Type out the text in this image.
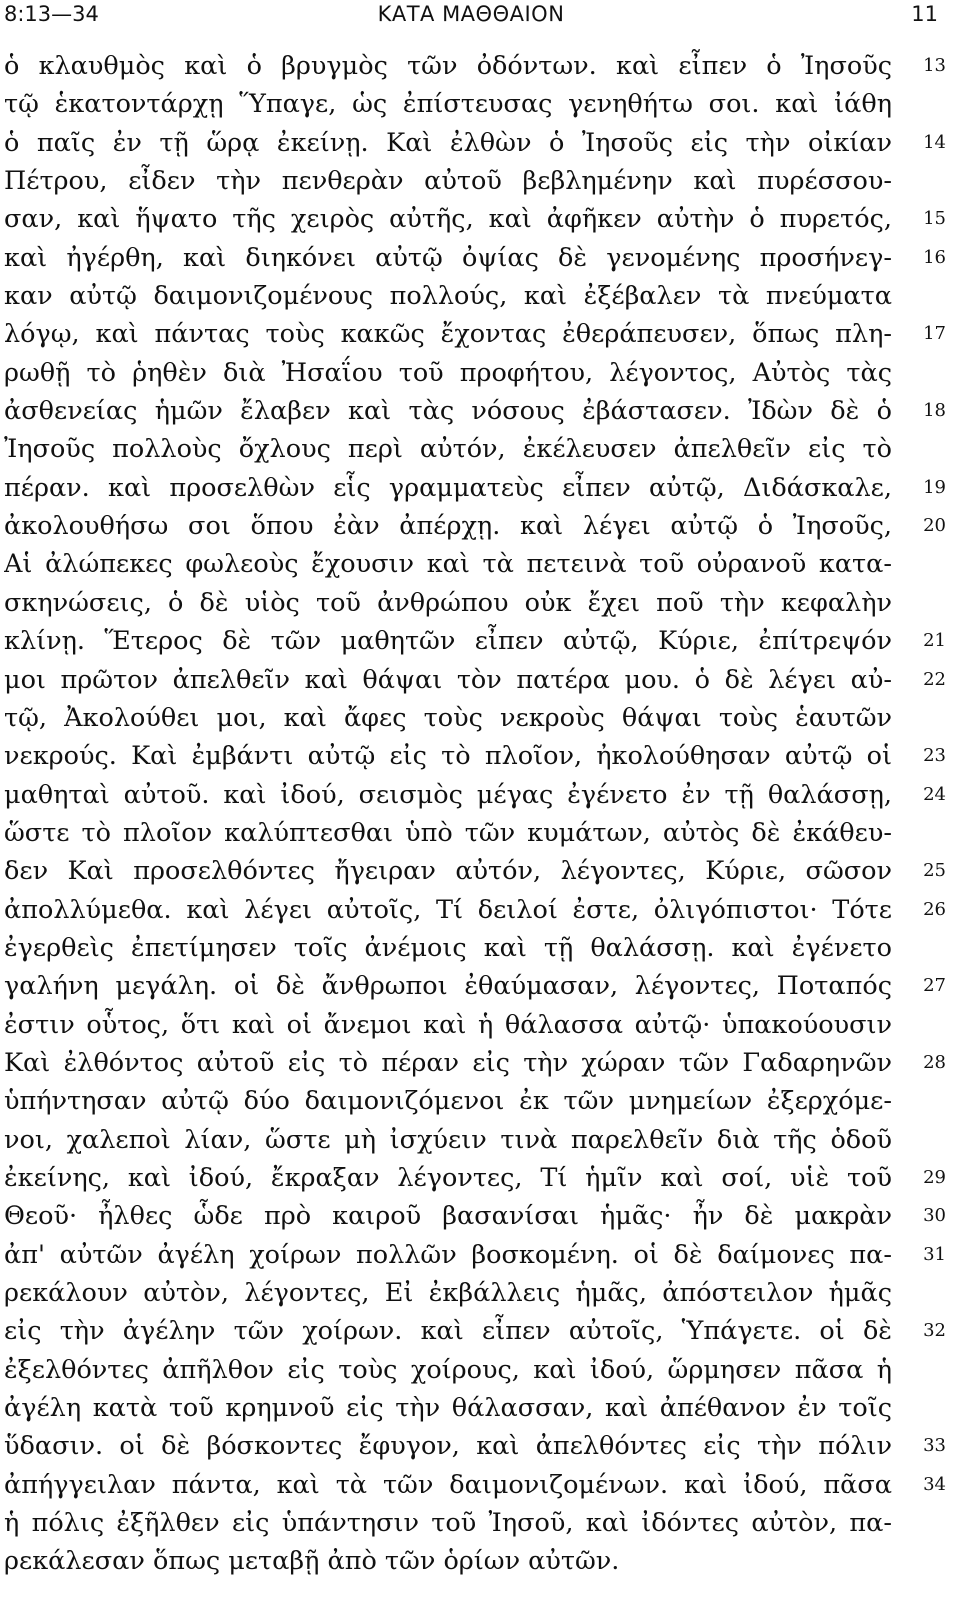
8:13—34	ΚΑΤΑ ΜΑΘΘΑΙΟΝ	11
ὁ κλαυθμὸς καὶ ὁ βρυγμὸς τῶν ὀδόντων. καὶ εἶπεν ὁ Ἰησοῦς	13
τῷ ἑκατοντάρχῃ Ὕπαγε, ὡς ἐπίστευσας γενηθήτω σοι. καὶ ἰάθη
ὁ παῖς ἐν τῇ ὥρᾳ ἐκείνῃ. Καὶ ἐλθὼν ὁ Ἰησοῦς εἰς τὴν οἰκίαν	14
Πέτρου, εἶδεν τὴν πενθερὰν αὐτοῦ βεβλημένην καὶ πυρέσσου-
σαν, καὶ ἥψατο τῆς χειρὸς αὐτῆς, καὶ ἀφῆκεν αὐτὴν ὁ πυρετός,	15
καὶ ἠγέρθη, καὶ διηκόνει αὐτῷ ὀψίας δὲ γενομένης προσήνεγ-	16
καν αὐτῷ δαιμονιζομένους πολλούς, καὶ ἐξέβαλεν τὰ πνεύματα
λόγῳ, καὶ πάντας τοὺς κακῶς ἔχοντας ἐθεράπευσεν, ὅπως πλη-	17
ρωθῇ τὸ ῥηθὲν διὰ Ἠσαΐου τοῦ προφήτου, λέγοντος, Αὐτὸς τὰς
ἀσθενείας ἡμῶν ἔλαβεν καὶ τὰς νόσους ἐβάστασεν. Ἰδὼν δὲ ὁ	18
Ἰησοῦς πολλοὺς ὄχλους περὶ αὐτόν, ἐκέλευσεν ἀπελθεῖν εἰς τὸ
πέραν. καὶ προσελθὼν εἷς γραμματεὺς εἶπεν αὐτῷ, Διδάσκαλε,	19
ἀκολουθήσω σοι ὅπου ἐὰν ἀπέρχῃ. καὶ λέγει αὐτῷ ὁ Ἰησοῦς,	20
Αἱ ἀλώπεκες φωλεοὺς ἔχουσιν καὶ τὰ πετεινὰ τοῦ οὐρανοῦ κατα-
σκηνώσεις, ὁ δὲ υἱὸς τοῦ ἀνθρώπου οὐκ ἔχει ποῦ τὴν κεφαλὴν
κλίνῃ. Ἕτερος δὲ τῶν μαθητῶν εἶπεν αὐτῷ, Κύριε, ἐπίτρεψόν	21
μοι πρῶτον ἀπελθεῖν καὶ θάψαι τὸν πατέρα μου. ὁ δὲ λέγει αὐ-	22
τῷ, Ἀκολούθει μοι, καὶ ἄφες τοὺς νεκροὺς θάψαι τοὺς ἑαυτῶν
νεκρούς. Καὶ ἐμβάντι αὐτῷ εἰς τὸ πλοῖον, ἠκολούθησαν αὐτῷ οἱ	23
μαθηταὶ αὐτοῦ. καὶ ἰδού, σεισμὸς μέγας ἐγένετο ἐν τῇ θαλάσσῃ,	24
ὥστε τὸ πλοῖον καλύπτεσθαι ὑπὸ τῶν κυμάτων, αὐτὸς δὲ ἐκάθευ-
δεν Καὶ προσελθόντες ἤγειραν αὐτόν, λέγοντες, Κύριε, σῶσον	25
ἀπολλύμεθα. καὶ λέγει αὐτοῖς, Τί δειλοί ἐστε, ὀλιγόπιστοι· Τότε	26
ἐγερθεὶς ἐπετίμησεν τοῖς ἀνέμοις καὶ τῇ θαλάσσῃ. καὶ ἐγένετο
γαλήνη μεγάλη. οἱ δὲ ἄνθρωποι ἐθαύμασαν, λέγοντες, Ποταπός	27
ἐστιν οὗτος, ὅτι καὶ οἱ ἄνεμοι καὶ ἡ θάλασσα αὐτῷ· ὑπακούουσιν
Καὶ ἐλθόντος αὐτοῦ εἰς τὸ πέραν εἰς τὴν χώραν τῶν Γαδαρηνῶν	28
ὑπήντησαν αὐτῷ δύο δαιμονιζόμενοι ἐκ τῶν μνημείων ἐξερχόμε-
νοι, χαλεποὶ λίαν, ὥστε μὴ ἰσχύειν τινὰ παρελθεῖν διὰ τῆς ὁδοῦ
ἐκείνης, καὶ ἰδού, ἔκραξαν λέγοντες, Τί ἡμῖν καὶ σοί, υἱὲ τοῦ	29
Θεοῦ· ἦλθες ὧδε πρὸ καιροῦ βασανίσαι ἡμᾶς· ἦν δὲ μακρὰν	30
ἀπ' αὐτῶν ἀγέλη χοίρων πολλῶν βοσκομένη. οἱ δὲ δαίμονες πα-	31
ρεκάλουν αὐτὸν, λέγοντες, Εἰ ἐκβάλλεις ἡμᾶς, ἀπόστειλον ἡμᾶς
εἰς τὴν ἀγέλην τῶν χοίρων. καὶ εἶπεν αὐτοῖς, Ὑπάγετε. οἱ δὲ	32
ἐξελθόντες ἀπῆλθον εἰς τοὺς χοίρους, καὶ ἰδού, ὥρμησεν πᾶσα ἡ
ἀγέλη κατὰ τοῦ κρημνοῦ εἰς τὴν θάλασσαν, καὶ ἀπέθανον ἐν τοῖς
ὕδασιν. οἱ δὲ βόσκοντες ἔφυγον, καὶ ἀπελθόντες εἰς τὴν πόλιν	33
ἀπήγγειλαν πάντα, καὶ τὰ τῶν δαιμονιζομένων. καὶ ἰδού, πᾶσα	34
ἡ πόλις ἐξῆλθεν εἰς ὑπάντησιν τοῦ Ἰησοῦ, καὶ ἰδόντες αὐτὸν, πα-
ρεκάλεσαν ὅπως μεταβῇ ἀπὸ τῶν ὁρίων αὐτῶν.
